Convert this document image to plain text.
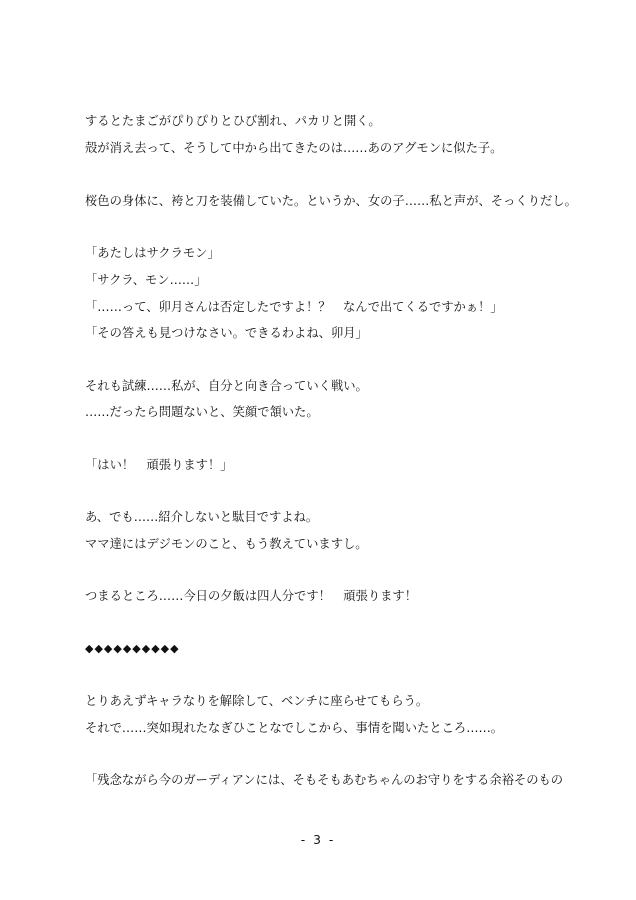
するとたまごがぴりぴりとひび割れ、パカリと開く。
殻が消え去って、そうして中から出てきたのは……あのアグモンに似た子。
桜色の身体に、袴と刀を装備していた。というか、女の子……私と声が、そっくりだし。
「あたしはサクラモン」
「サクラ、モン……」
「……って、卯月さんは否定したですよ！？　なんで出てくるですかぁ！」
「その答えも見つけなさい。できるわよね、卯月」
それも試練……私が、自分と向き合っていく戦い。
……だったら問題ないと、笑顔で頷いた。
「はい！　頑張ります！」
あ、でも……紹介しないと駄目ですよね。
ママ達にはデジモンのこと、もう教えていますし。
つまるところ……今日の夕飯は四人分です！　頑張ります！
◆◆◆◆◆◆◆◆◆◆
とりあえずキャラなりを解除して、ベンチに座らせてもらう。
それで……突如現れたなぎひことなでしこから、事情を聞いたところ……。
「残念ながら今のガーディアンには、そもそもあむちゃんのお守りをする余裕そのもの
- 3 -
